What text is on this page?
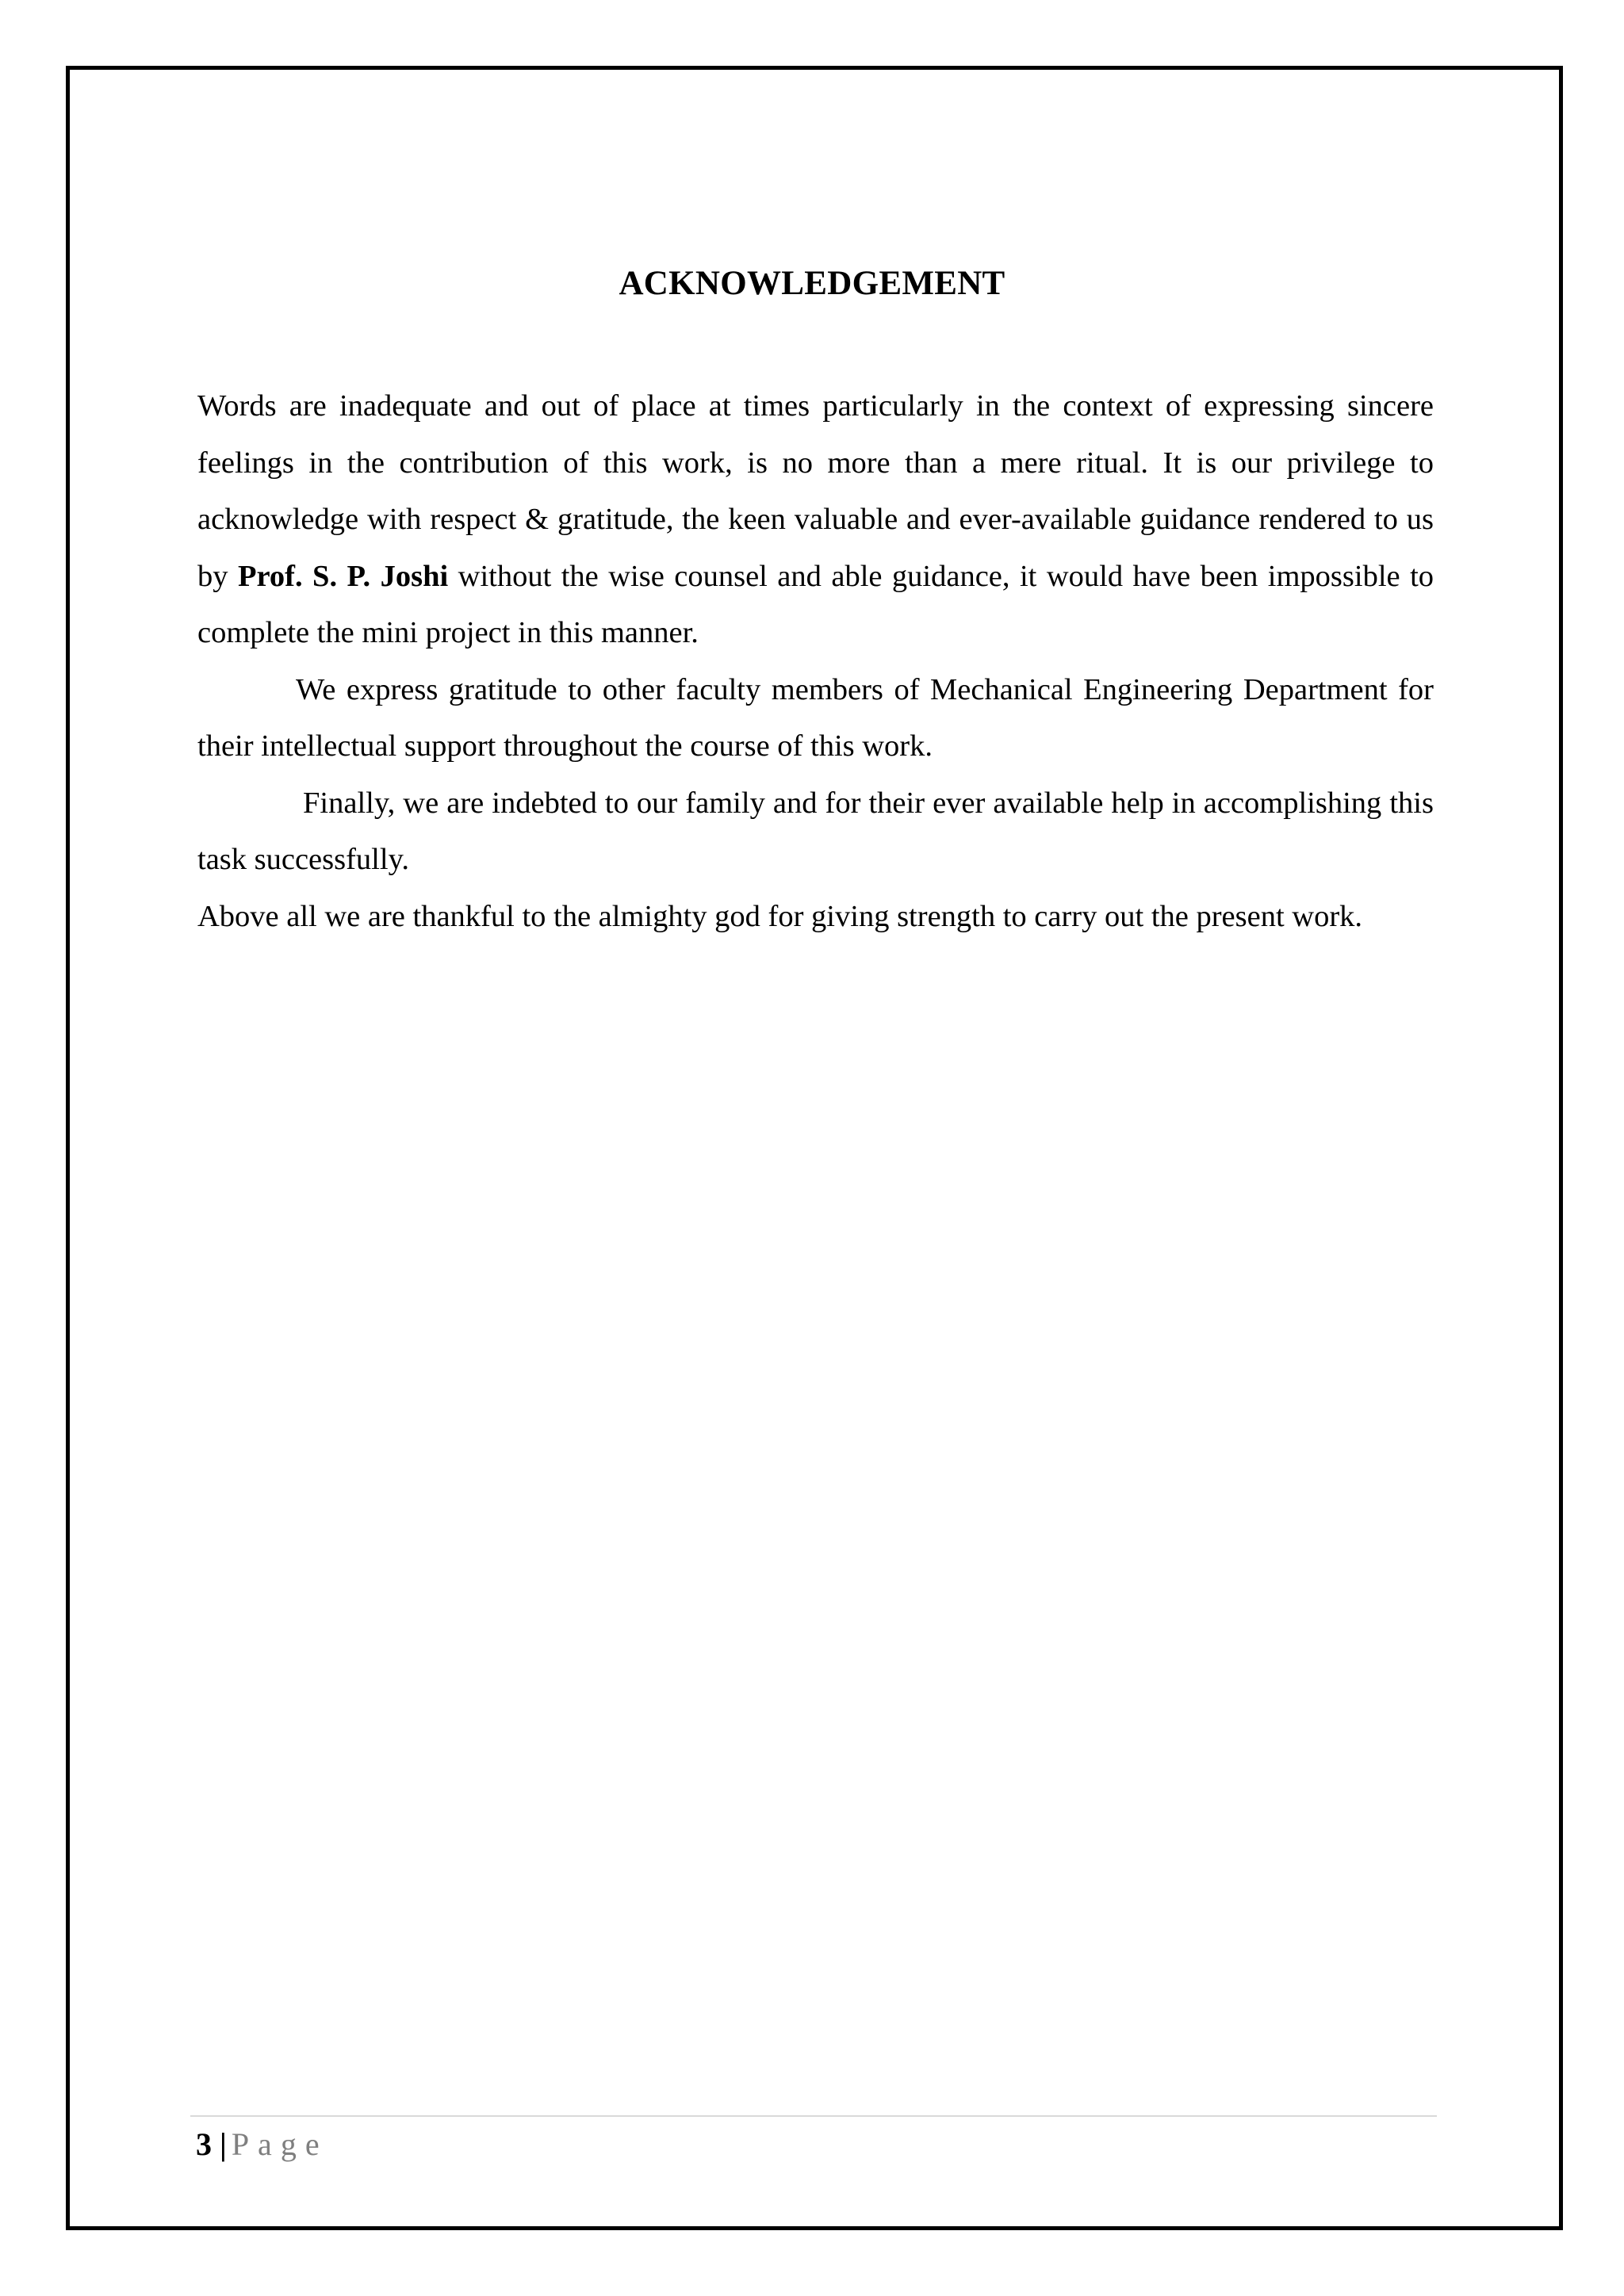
ACKNOWLEDGEMENT

Words are inadequate and out of place at times particularly in the context of expressing sincere feelings in the contribution of this work, is no more than a mere ritual. It is our privilege to acknowledge with respect & gratitude, the keen valuable and ever-available guidance rendered to us by Prof. S. P. Joshi without the wise counsel and able guidance, it would have been impossible to complete the mini project in this manner.

We express gratitude to other faculty members of Mechanical Engineering Department for their intellectual support throughout the course of this work.

Finally, we are indebted to our family and for their ever available help in accomplishing this task successfully.

Above all we are thankful to the almighty god for giving strength to carry out the present work.

3 | Page
